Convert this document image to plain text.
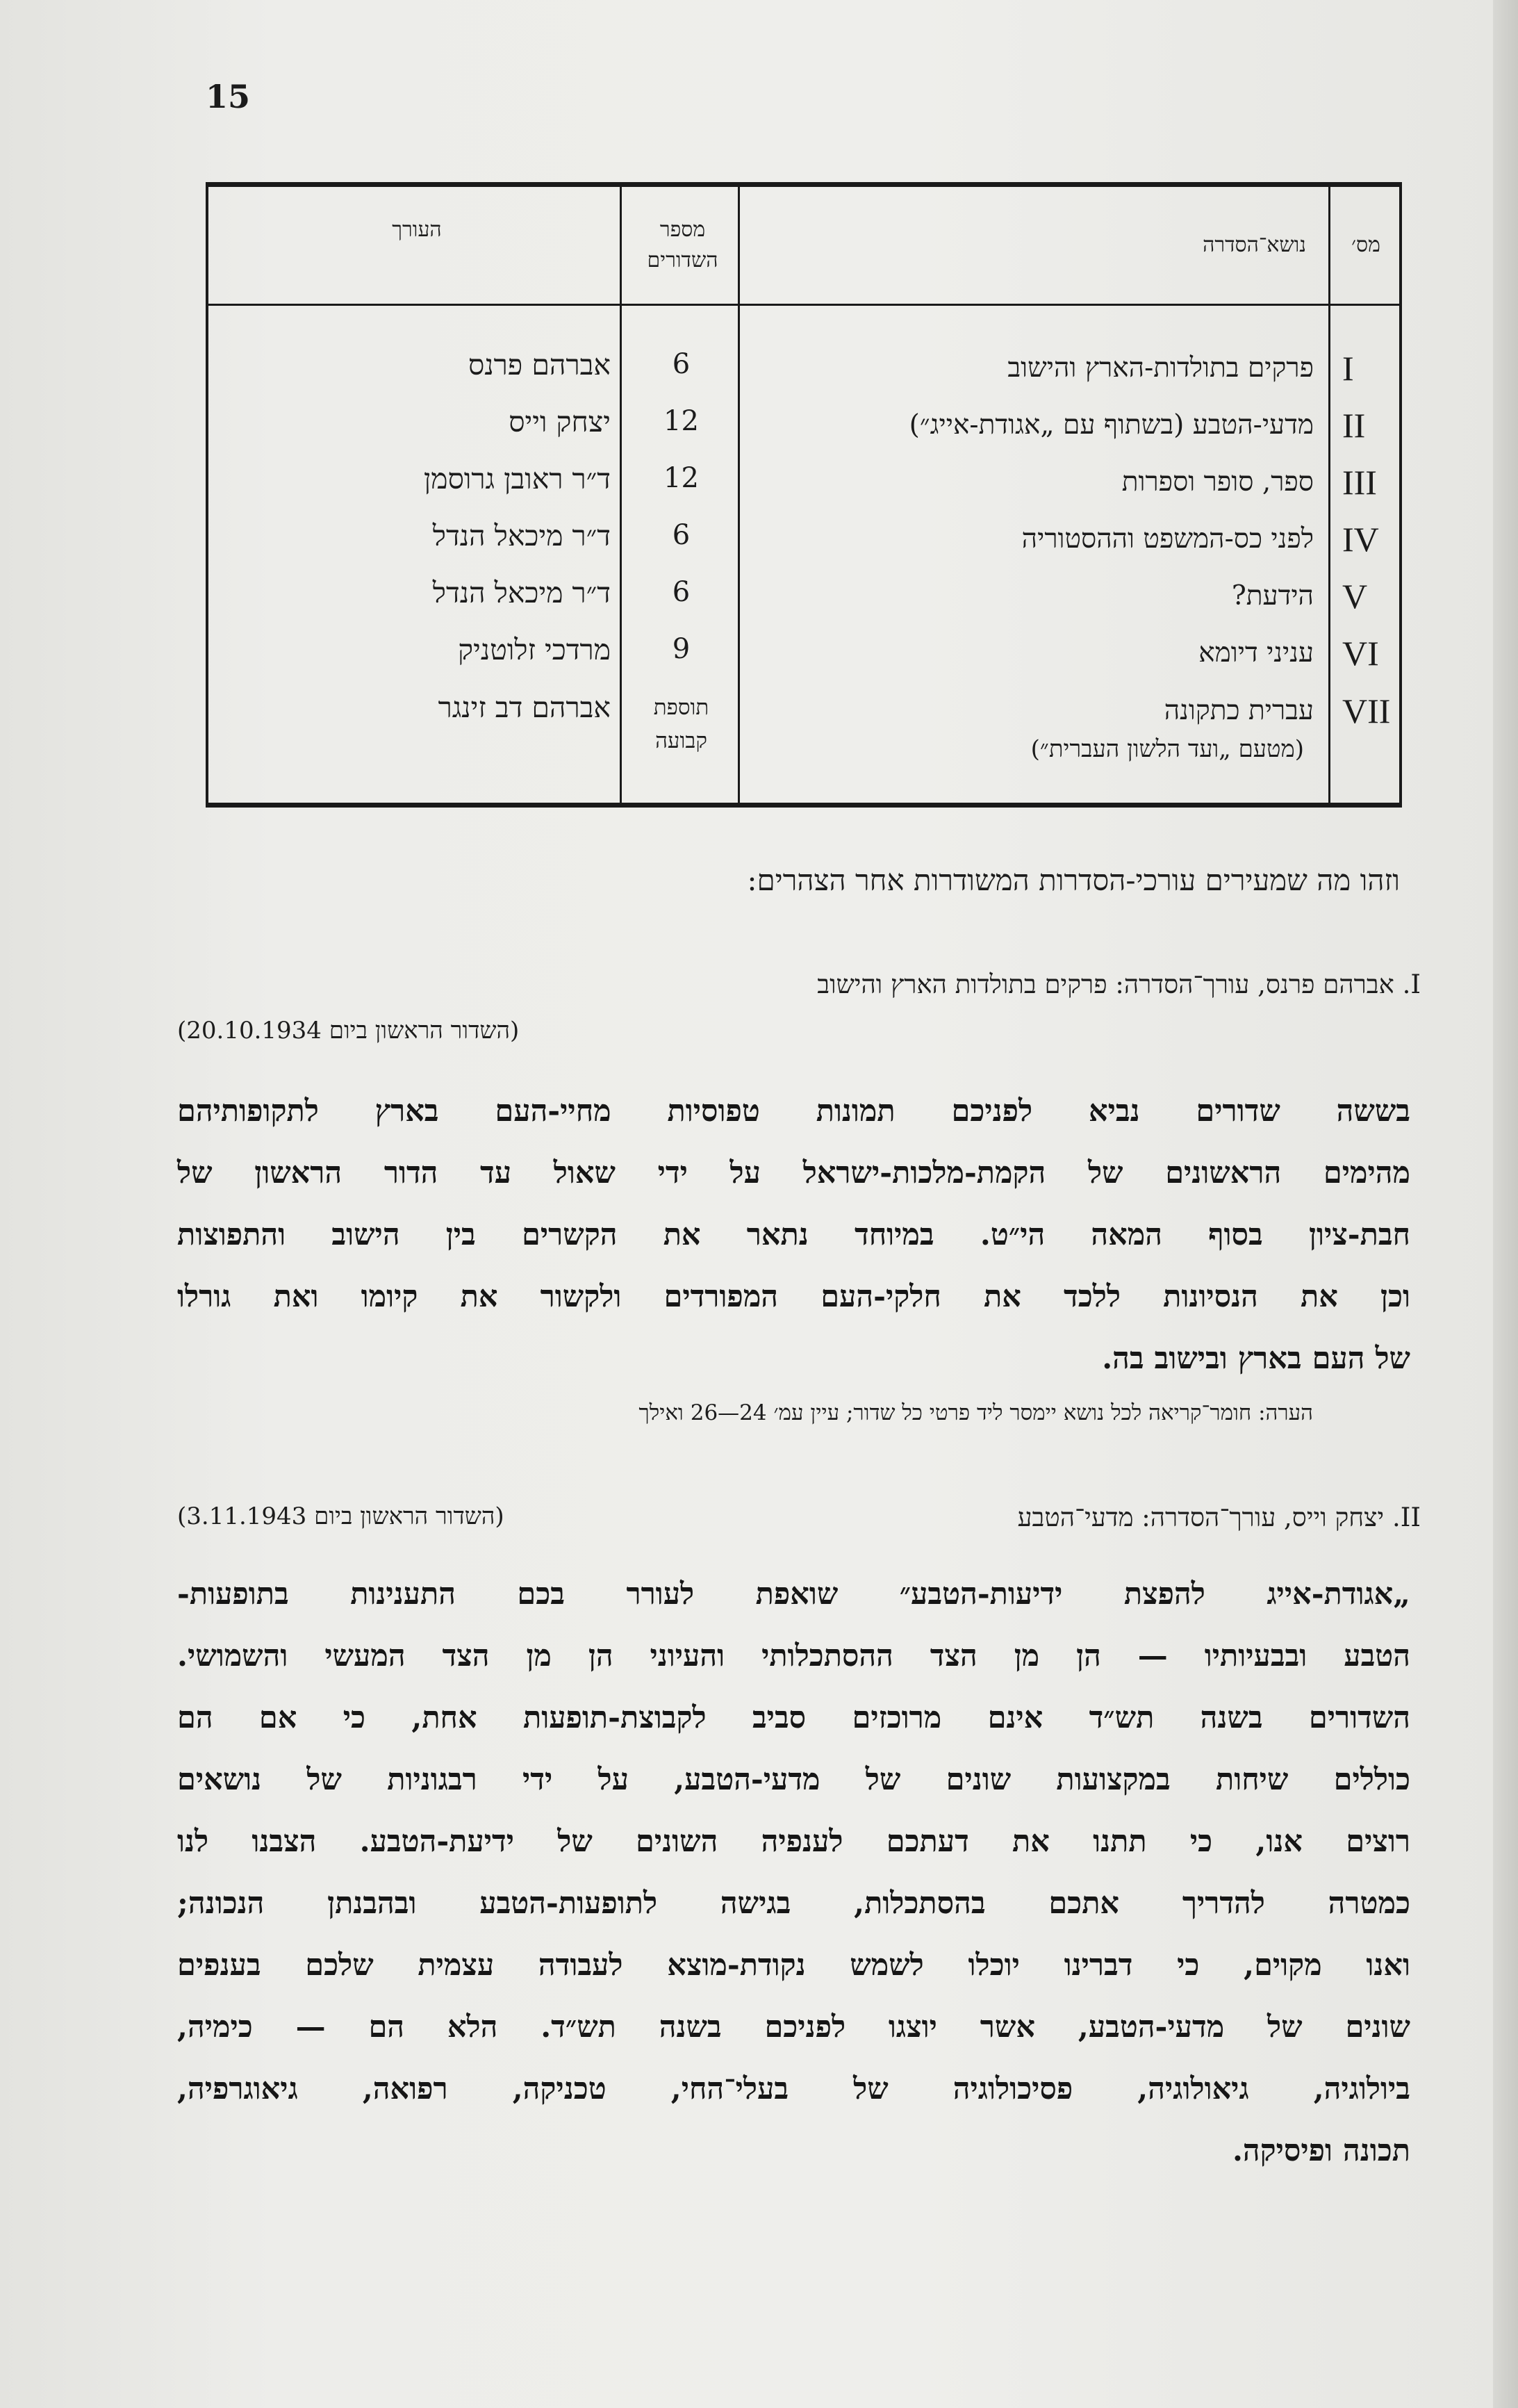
15
מס׳
נושא־הסדרה
מספר
השדורים
העורך
I
פרקים בתולדות-הארץ והישוב
6
אברהם פרנס
II
מדעי-הטבע (בשתוף עם „אגודת-אייג״)
12
יצחק וייס
III
ספר, סופר וספרות
12
ד״ר ראובן גרוסמן
IV
לפני כס-המשפט וההסטוריה
6
ד״ר מיכאל הנדל
V
הידעת?
6
ד״ר מיכאל הנדל
VI
עניני דיומא
9
מרדכי זלוטניק
VII
עברית כתקונה
(מטעם „ועד הלשון העברית״)
תוספת
קבועה
אברהם דב זינגר
וזהו מה שמעירים עורכי-הסדרות המשודרות אחר הצהרים:
I. אברהם פרנס, עורך־הסדרה: פרקים בתולדות הארץ והישוב
(השדור הראשון ביום 20.10.1934)
בששה שדורים נביא לפניכם תמונות טפוסיות מחיי-העם בארץ לתקופותיהם
מהימים הראשונים של הקמת-מלכות-ישראל על ידי שאול עד הדור הראשון של
חבת-ציון בסוף המאה הי״ט. במיוחד נתאר את הקשרים בין הישוב והתפוצות
וכן את הנסיונות ללכד את חלקי-העם המפורדים ולקשור את קיומו ואת גורלו
של העם בארץ ובישוב בה.
הערה: חומר־קריאה לכל נושא יימסר ליד פרטי כל שדור; עיין עמ׳ 24—26 ואילך
II. יצחק וייס, עורך־הסדרה: מדעי־הטבע
(השדור הראשון ביום 3.11.1943)
„אגודת-אייג להפצת ידיעות-הטבע״ שואפת לעורר בכם התענינות בתופעות-
הטבע ובבעיותיו — הן מן הצד ההסתכלותי והעיוני הן מן הצד המעשי והשמושי.
השדורים בשנה תש״ד אינם מרוכזים סביב לקבוצת-תופעות אחת, כי אם הם
כוללים שיחות במקצועות שונים של מדעי-הטבע, על ידי רבגוניות של נושאים
רוצים אנו, כי תתנו את דעתכם לענפיה השונים של ידיעת-הטבע. הצבנו לנו
כמטרה להדריך אתכם בהסתכלות, בגישה לתופעות-הטבע ובהבנתן הנכונה;
ואנו מקוים, כי דברינו יוכלו לשמש נקודת-מוצא לעבודה עצמית שלכם בענפים
שונים של מדעי-הטבע, אשר יוצגו לפניכם בשנה תש״ד. הלא הם — כימיה,
ביולוגיה, גיאולוגיה, פסיכולוגיה של בעלי־החי, טכניקה, רפואה, גיאוגרפיה,
תכונה ופיסיקה.
